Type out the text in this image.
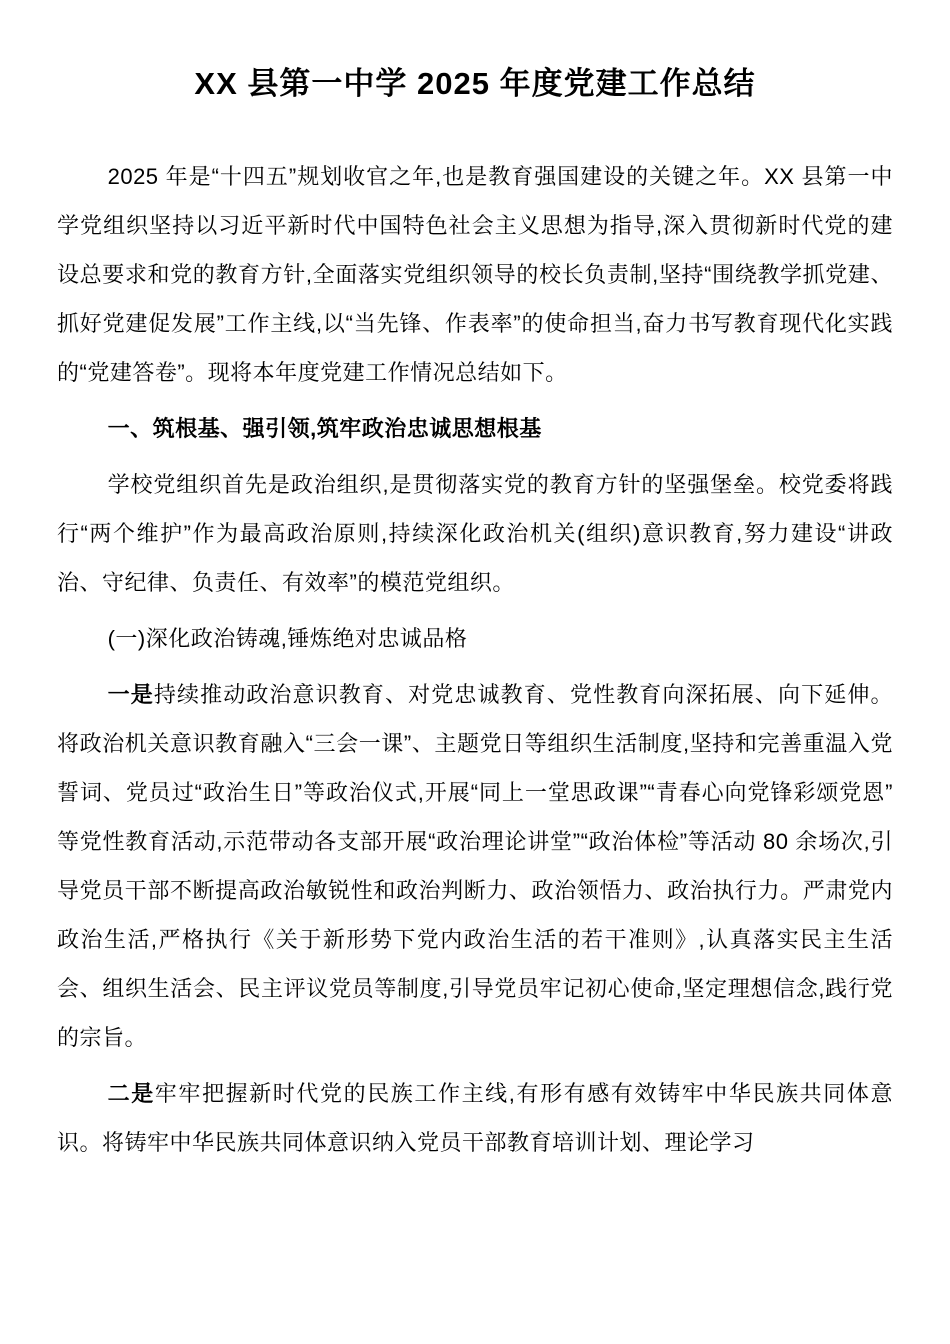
XX 县第一中学 2025 年度党建工作总结

2025 年是“十四五”规划收官之年,也是教育强国建设的关键之年。XX 县第一中学党组织坚持以习近平新时代中国特色社会主义思想为指导,深入贯彻新时代党的建设总要求和党的教育方针,全面落实党组织领导的校长负责制,坚持“围绕教学抓党建、抓好党建促发展”工作主线,以“当先锋、作表率”的使命担当,奋力书写教育现代化实践的“党建答卷”。现将本年度党建工作情况总结如下。

一、筑根基、强引领,筑牢政治忠诚思想根基

学校党组织首先是政治组织,是贯彻落实党的教育方针的坚强堡垒。校党委将践行“两个维护”作为最高政治原则,持续深化政治机关(组织)意识教育,努力建设“讲政治、守纪律、负责任、有效率”的模范党组织。

(一)深化政治铸魂,锤炼绝对忠诚品格

一是持续推动政治意识教育、对党忠诚教育、党性教育向深拓展、向下延伸。将政治机关意识教育融入“三会一课”、主题党日等组织生活制度,坚持和完善重温入党誓词、党员过“政治生日”等政治仪式,开展“同上一堂思政课”“青春心向党锋彩颂党恩”等党性教育活动,示范带动各支部开展“政治理论讲堂”“政治体检”等活动 80 余场次,引导党员干部不断提高政治敏锐性和政治判断力、政治领悟力、政治执行力。严肃党内政治生活,严格执行《关于新形势下党内政治生活的若干准则》,认真落实民主生活会、组织生活会、民主评议党员等制度,引导党员牢记初心使命,坚定理想信念,践行党的宗旨。

二是牢牢把握新时代党的民族工作主线,有形有感有效铸牢中华民族共同体意识。将铸牢中华民族共同体意识纳入党员干部教育培训计划、理论学习
